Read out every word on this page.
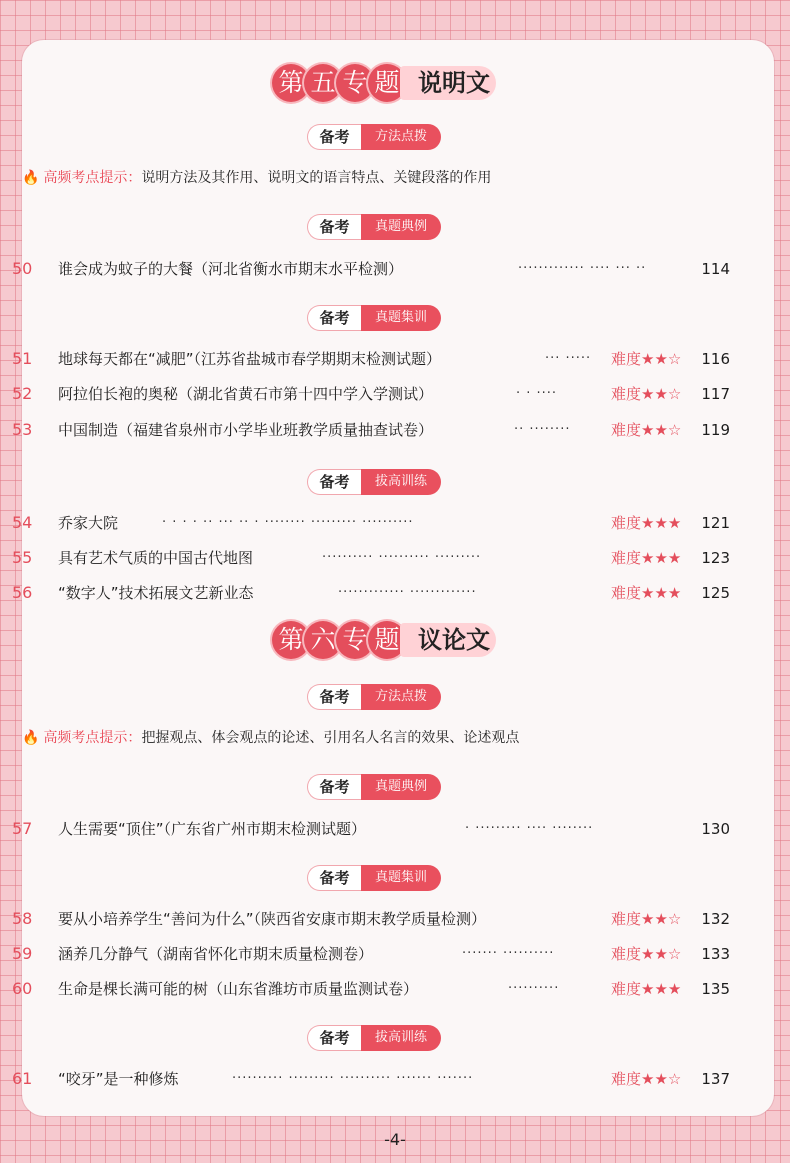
第 五 专 题 说明文
备考	方法点拨
🔥 高频考点提示：说明方法及其作用、说明文的语言特点、关键段落的作用
备考	真题典例
50	谁会成为蚊子的大餐（河北省衡水市期末水平检测）	············· ···· ··· ··	114
备考	真题集训
51	地球每天都在“减肥”（江苏省盐城市春学期期末检测试题）	··· ····· 难度★★☆ 116
52	阿拉伯长袍的奥秘（湖北省黄石市第十四中学入学测试）	· · ····	难度★★☆ 117
53	中国制造（福建省泉州市小学毕业班教学质量抽查试卷）	·· ········	难度★★☆ 119
备考	拔高训练
54	乔家大院	· · · · ·· ··· ·· · ········ ········· ··········	难度★★★ 121
55	具有艺术气质的中国古代地图	·········· ·········· ·········	难度★★★ 123
56	“数字人”技术拓展文艺新业态	············· ·············	难度★★★ 125
第 六 专 题 议论文
备考	方法点拨
🔥 高频考点提示：把握观点、体会观点的论述、引用名人名言的效果、论述观点
备考	真题典例
57	人生需要“顶住”（广东省广州市期末检测试题）	· ········· ···· ········	130
备考	真题集训
58	要从小培养学生“善问为什么”（陕西省安康市期末教学质量检测）	难度★★☆ 132
59	涵养几分静气（湖南省怀化市期末质量检测卷）	······· ··········	难度★★☆ 133
60	生命是棵长满可能的树（山东省潍坊市质量监测试卷）	··········	难度★★★ 135
备考	拔高训练
61	“咬牙”是一种修炼	·········· ········· ·········· ······· ·······	难度★★☆ 137
-4-
